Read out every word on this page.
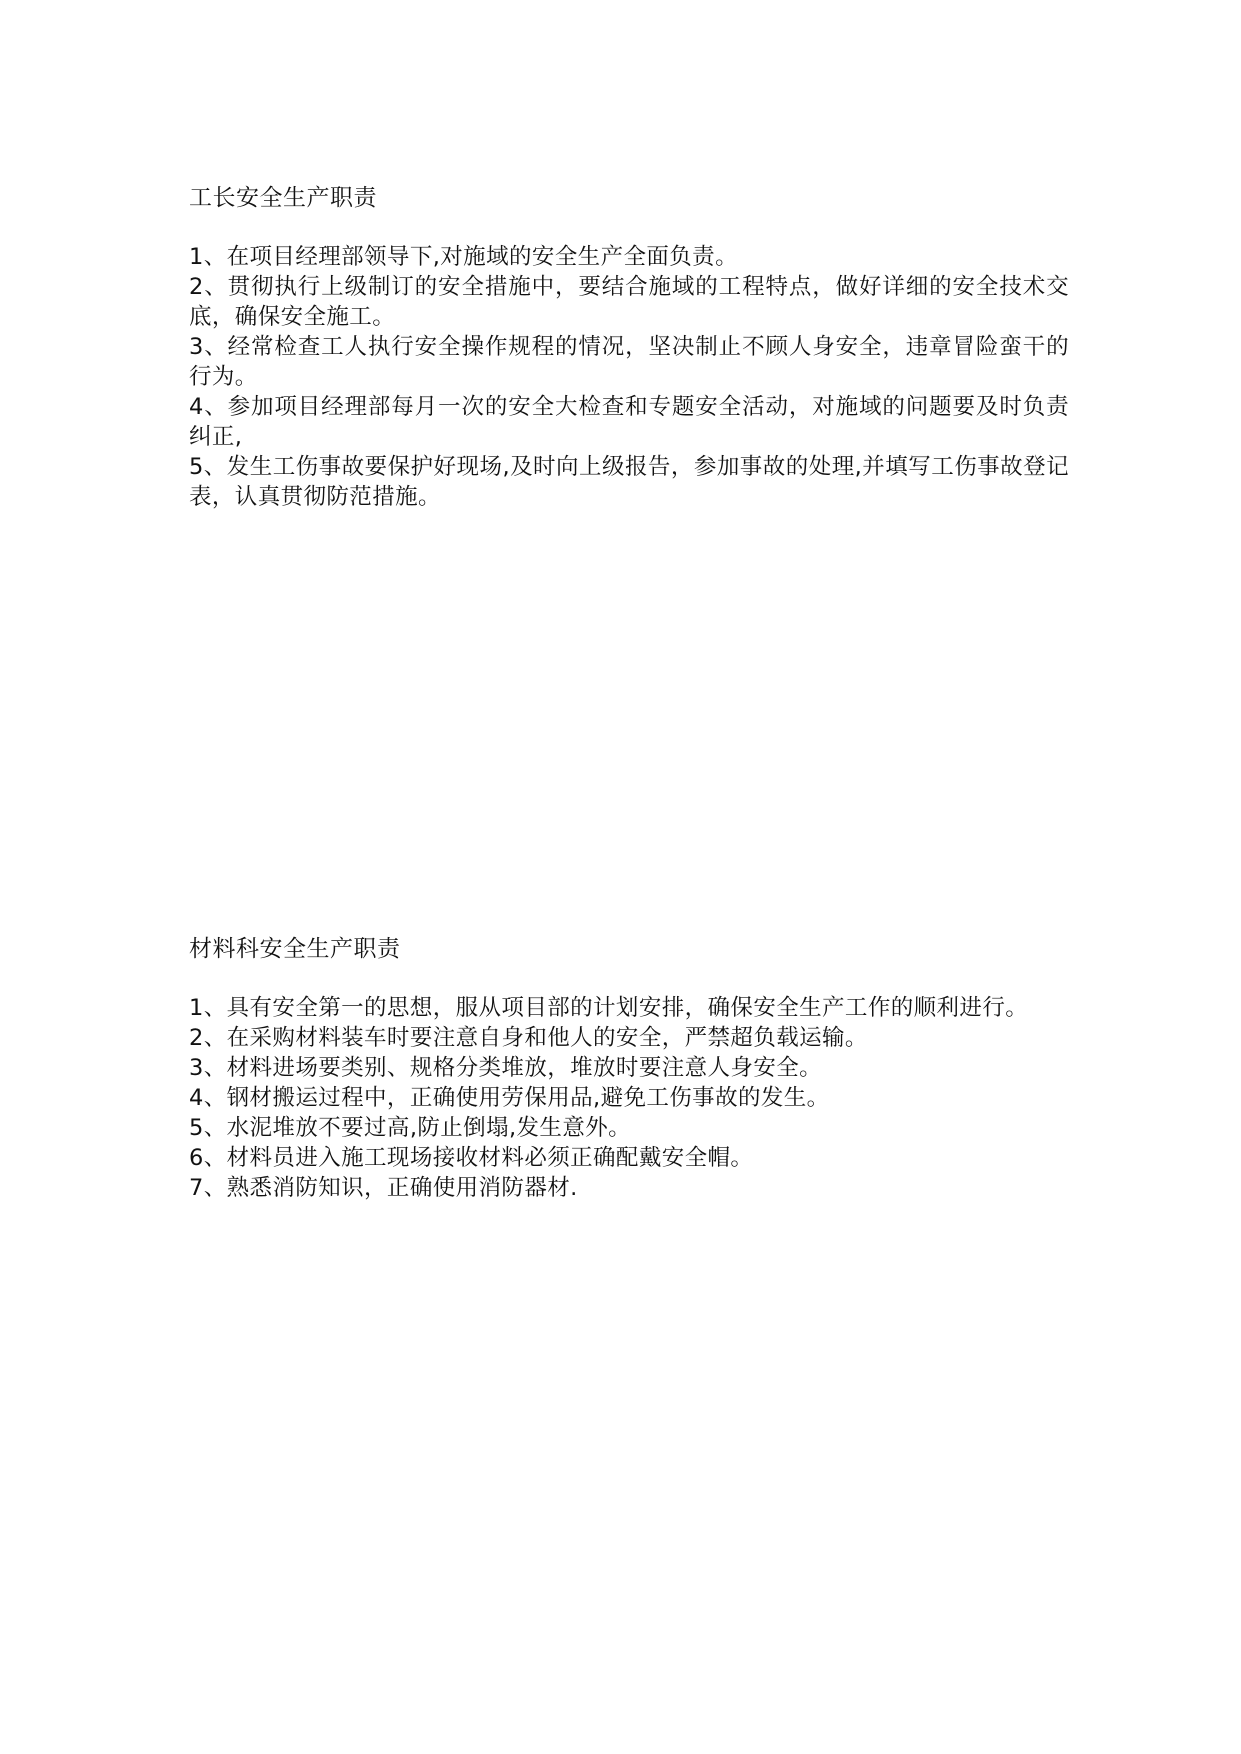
工长安全生产职责
1、在项目经理部领导下,对施域的安全生产全面负责。
2、贯彻执行上级制订的安全措施中，要结合施域的工程特点，做好详细的安全技术交底，确保安全施工。
3、经常检查工人执行安全操作规程的情况，坚决制止不顾人身安全，违章冒险蛮干的行为。
4、参加项目经理部每月一次的安全大检查和专题安全活动，对施域的问题要及时负责纠正,
5、发生工伤事故要保护好现场,及时向上级报告，参加事故的处理,并填写工伤事故登记表，认真贯彻防范措施。
材料科安全生产职责
1、具有安全第一的思想，服从项目部的计划安排，确保安全生产工作的顺利进行。
2、在采购材料装车时要注意自身和他人的安全，严禁超负载运输。
3、材料进场要类别、规格分类堆放，堆放时要注意人身安全。
4、钢材搬运过程中，正确使用劳保用品,避免工伤事故的发生。
5、水泥堆放不要过高,防止倒塌,发生意外。
6、材料员进入施工现场接收材料必须正确配戴安全帽。
7、熟悉消防知识，正确使用消防器材.
